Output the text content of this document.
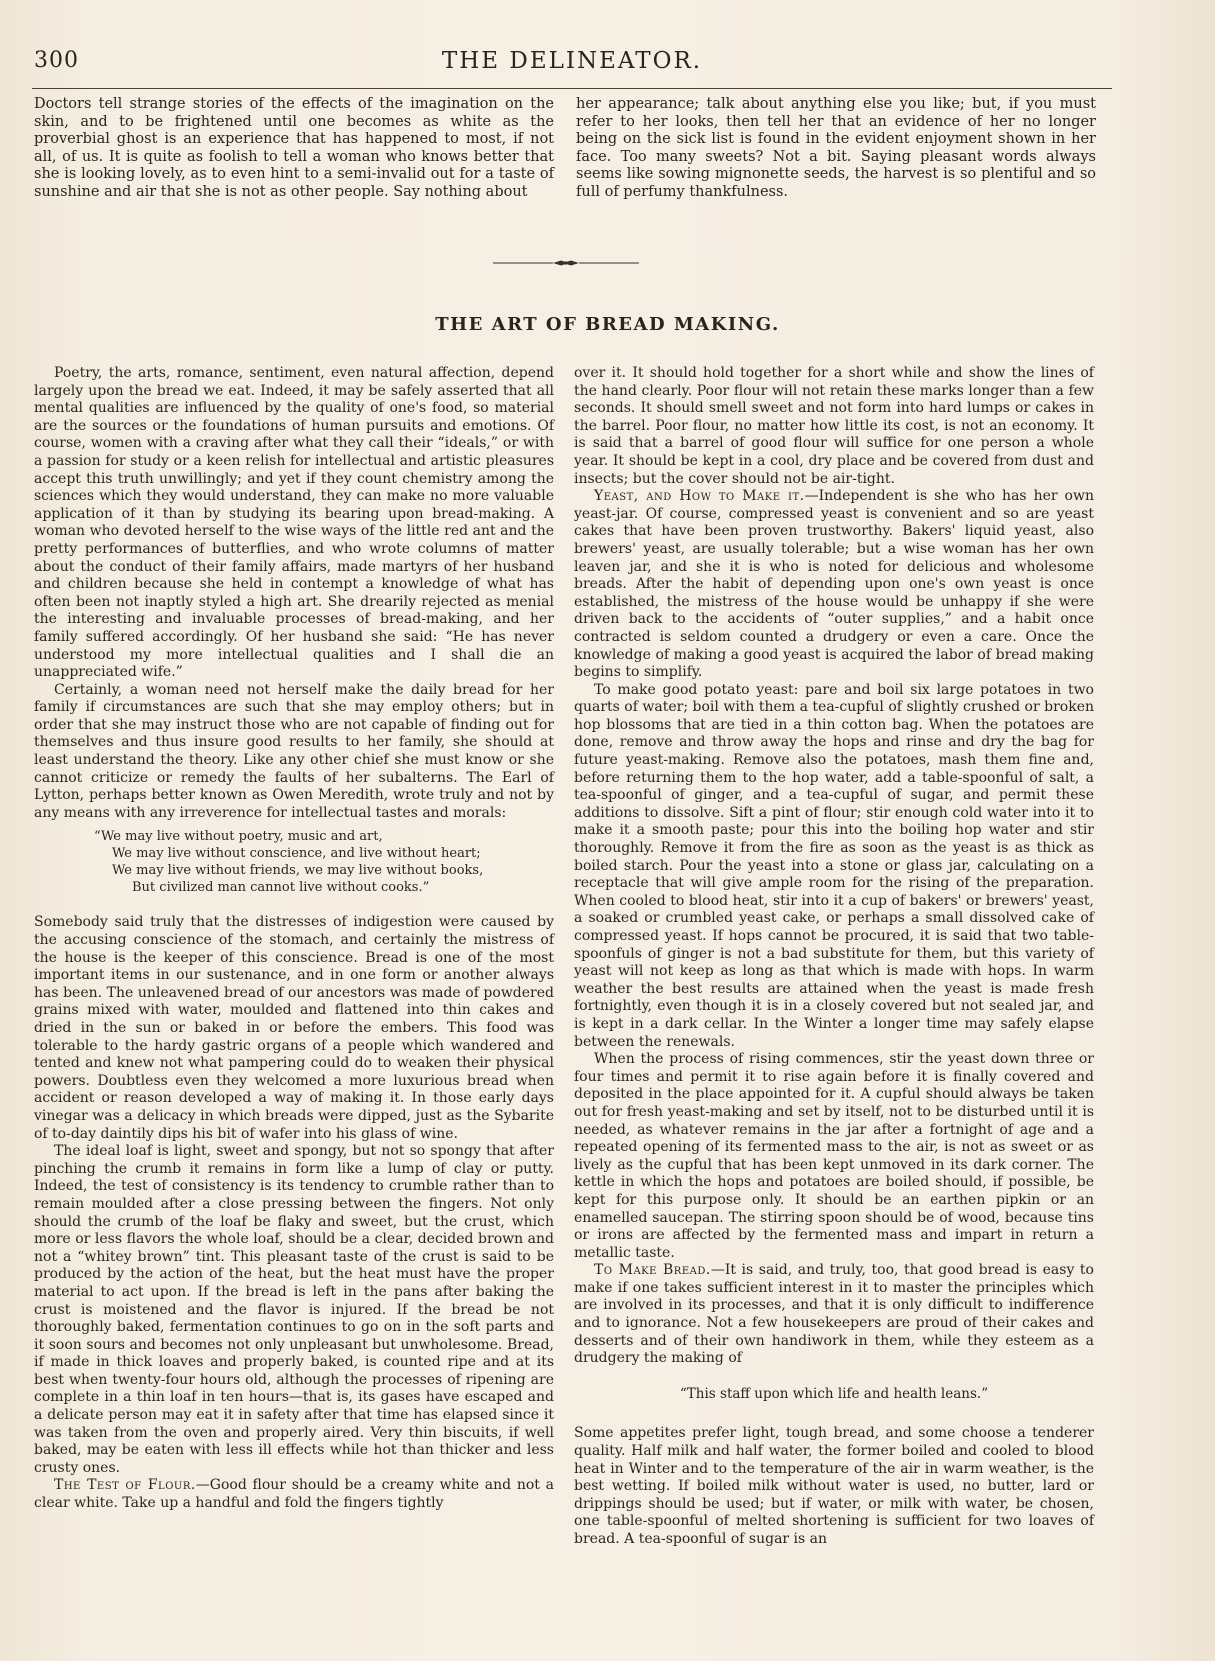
300	THE DELINEATOR.

Doctors tell strange stories of the effects of the imagination on the skin, and to be frightened until one becomes as white as the proverbial ghost is an experience that has happened to most, if not all, of us. It is quite as foolish to tell a woman who knows better that she is looking lovely, as to even hint to a semi-invalid out for a taste of sunshine and air that she is not as other people. Say nothing about

her appearance; talk about anything else you like; but, if you must refer to her looks, then tell her that an evidence of her no longer being on the sick list is found in the evident enjoyment shown in her face. Too many sweets? Not a bit. Saying pleasant words always seems like sowing mignonette seeds, the harvest is so plentiful and so full of perfumy thankfulness.

THE ART OF BREAD MAKING.

Poetry, the arts, romance, sentiment, even natural affection, depend largely upon the bread we eat. Indeed, it may be safely asserted that all mental qualities are influenced by the quality of one's food, so material are the sources or the foundations of human pursuits and emotions. Of course, women with a craving after what they call their “ideals,” or with a passion for study or a keen relish for intellectual and artistic pleasures accept this truth unwillingly; and yet if they count chemistry among the sciences which they would understand, they can make no more valuable application of it than by studying its bearing upon bread-making. A woman who devoted herself to the wise ways of the little red ant and the pretty performances of butterflies, and who wrote columns of matter about the conduct of their family affairs, made martyrs of her husband and children because she held in contempt a knowledge of what has often been not inaptly styled a high art. She drearily rejected as menial the interesting and invaluable processes of bread-making, and her family suffered accordingly. Of her husband she said: “He has never understood my more intellectual qualities and I shall die an unappreciated wife.”

Certainly, a woman need not herself make the daily bread for her family if circumstances are such that she may employ others; but in order that she may instruct those who are not capable of finding out for themselves and thus insure good results to her family, she should at least understand the theory. Like any other chief she must know or she cannot criticize or remedy the faults of her subalterns. The Earl of Lytton, perhaps better known as Owen Meredith, wrote truly and not by any means with any irreverence for intellectual tastes and morals:

“We may live without poetry, music and art,
We may live without conscience, and live without heart;
We may live without friends, we may live without books,
But civilized man cannot live without cooks.”

Somebody said truly that the distresses of indigestion were caused by the accusing conscience of the stomach, and certainly the mistress of the house is the keeper of this conscience. Bread is one of the most important items in our sustenance, and in one form or another always has been. The unleavened bread of our ancestors was made of powdered grains mixed with water, moulded and flattened into thin cakes and dried in the sun or baked in or before the embers. This food was tolerable to the hardy gastric organs of a people which wandered and tented and knew not what pampering could do to weaken their physical powers. Doubtless even they welcomed a more luxurious bread when accident or reason developed a way of making it. In those early days vinegar was a delicacy in which breads were dipped, just as the Sybarite of to-day daintily dips his bit of wafer into his glass of wine.

The ideal loaf is light, sweet and spongy, but not so spongy that after pinching the crumb it remains in form like a lump of clay or putty. Indeed, the test of consistency is its tendency to crumble rather than to remain moulded after a close pressing between the fingers. Not only should the crumb of the loaf be flaky and sweet, but the crust, which more or less flavors the whole loaf, should be a clear, decided brown and not a “whitey brown” tint. This pleasant taste of the crust is said to be produced by the action of the heat, but the heat must have the proper material to act upon. If the bread is left in the pans after baking the crust is moistened and the flavor is injured. If the bread be not thoroughly baked, fermentation continues to go on in the soft parts and it soon sours and becomes not only unpleasant but unwholesome. Bread, if made in thick loaves and properly baked, is counted ripe and at its best when twenty-four hours old, although the processes of ripening are complete in a thin loaf in ten hours—that is, its gases have escaped and a delicate person may eat it in safety after that time has elapsed since it was taken from the oven and properly aired. Very thin biscuits, if well baked, may be eaten with less ill effects while hot than thicker and less crusty ones.

The Test of Flour.—Good flour should be a creamy white and not a clear white. Take up a handful and fold the fingers tightly

over it. It should hold together for a short while and show the lines of the hand clearly. Poor flour will not retain these marks longer than a few seconds. It should smell sweet and not form into hard lumps or cakes in the barrel. Poor flour, no matter how little its cost, is not an economy. It is said that a barrel of good flour will suffice for one person a whole year. It should be kept in a cool, dry place and be covered from dust and insects; but the cover should not be air-tight.

Yeast, and How to Make it.—Independent is she who has her own yeast-jar. Of course, compressed yeast is convenient and so are yeast cakes that have been proven trustworthy. Bakers' liquid yeast, also brewers' yeast, are usually tolerable; but a wise woman has her own leaven jar, and she it is who is noted for delicious and wholesome breads. After the habit of depending upon one's own yeast is once established, the mistress of the house would be unhappy if she were driven back to the accidents of “outer supplies,” and a habit once contracted is seldom counted a drudgery or even a care. Once the knowledge of making a good yeast is acquired the labor of bread making begins to simplify.

To make good potato yeast: pare and boil six large potatoes in two quarts of water; boil with them a tea-cupful of slightly crushed or broken hop blossoms that are tied in a thin cotton bag. When the potatoes are done, remove and throw away the hops and rinse and dry the bag for future yeast-making. Remove also the potatoes, mash them fine and, before returning them to the hop water, add a table-spoonful of salt, a tea-spoonful of ginger, and a tea-cupful of sugar, and permit these additions to dissolve. Sift a pint of flour; stir enough cold water into it to make it a smooth paste; pour this into the boiling hop water and stir thoroughly. Remove it from the fire as soon as the yeast is as thick as boiled starch. Pour the yeast into a stone or glass jar, calculating on a receptacle that will give ample room for the rising of the preparation. When cooled to blood heat, stir into it a cup of bakers' or brewers' yeast, a soaked or crumbled yeast cake, or perhaps a small dissolved cake of compressed yeast. If hops cannot be procured, it is said that two table-spoonfuls of ginger is not a bad substitute for them, but this variety of yeast will not keep as long as that which is made with hops. In warm weather the best results are attained when the yeast is made fresh fortnightly, even though it is in a closely covered but not sealed jar, and is kept in a dark cellar. In the Winter a longer time may safely elapse between the renewals.

When the process of rising commences, stir the yeast down three or four times and permit it to rise again before it is finally covered and deposited in the place appointed for it. A cupful should always be taken out for fresh yeast-making and set by itself, not to be disturbed until it is needed, as whatever remains in the jar after a fortnight of age and a repeated opening of its fermented mass to the air, is not as sweet or as lively as the cupful that has been kept unmoved in its dark corner. The kettle in which the hops and potatoes are boiled should, if possible, be kept for this purpose only. It should be an earthen pipkin or an enamelled saucepan. The stirring spoon should be of wood, because tins or irons are affected by the fermented mass and impart in return a metallic taste.

To Make Bread.—It is said, and truly, too, that good bread is easy to make if one takes sufficient interest in it to master the principles which are involved in its processes, and that it is only difficult to indifference and to ignorance. Not a few housekeepers are proud of their cakes and desserts and of their own handiwork in them, while they esteem as a drudgery the making of

“This staff upon which life and health leans.”

Some appetites prefer light, tough bread, and some choose a tenderer quality. Half milk and half water, the former boiled and cooled to blood heat in Winter and to the temperature of the air in warm weather, is the best wetting. If boiled milk without water is used, no butter, lard or drippings should be used; but if water, or milk with water, be chosen, one table-spoonful of melted shortening is sufficient for two loaves of bread. A tea-spoonful of sugar is an
